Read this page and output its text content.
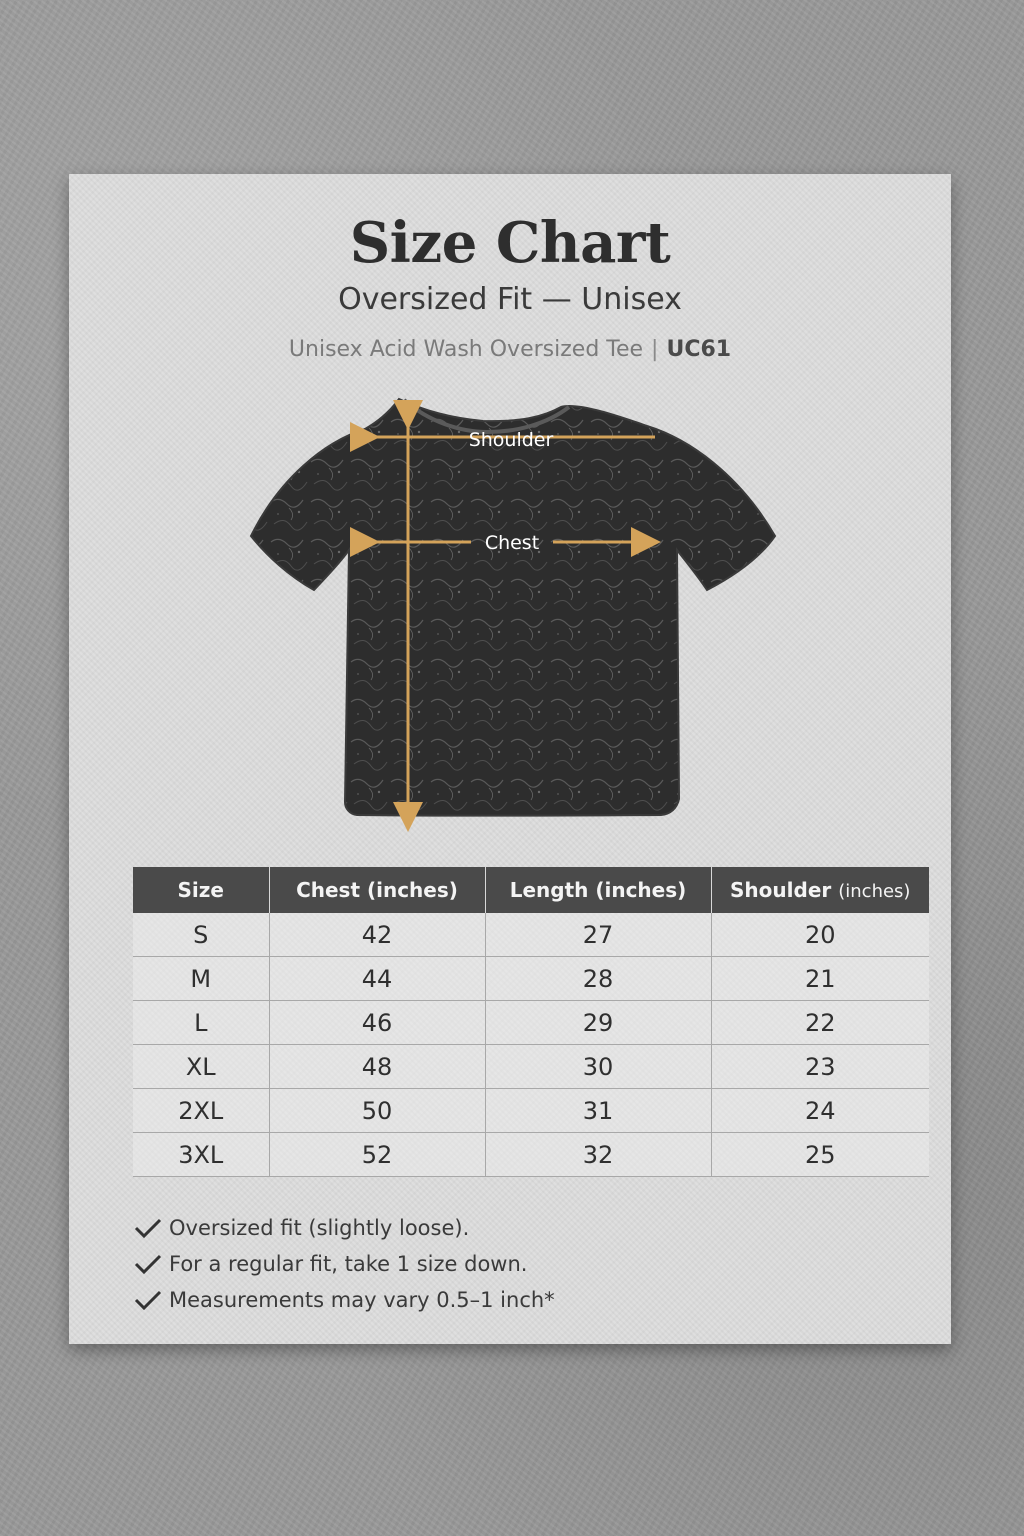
Size Chart
Oversized Fit — Unisex
Unisex Acid Wash Oversized Tee | UC61
Shoulder
Chest
Size	Chest (inches)	Length (inches)	Shoulder (inches)
S	42	27	20
M	44	28	21
L	46	29	22
XL	48	30	23
2XL	50	31	24
3XL	52	32	25
Oversized fit (slightly loose).
For a regular fit, take 1 size down.
Measurements may vary 0.5–1 inch*
